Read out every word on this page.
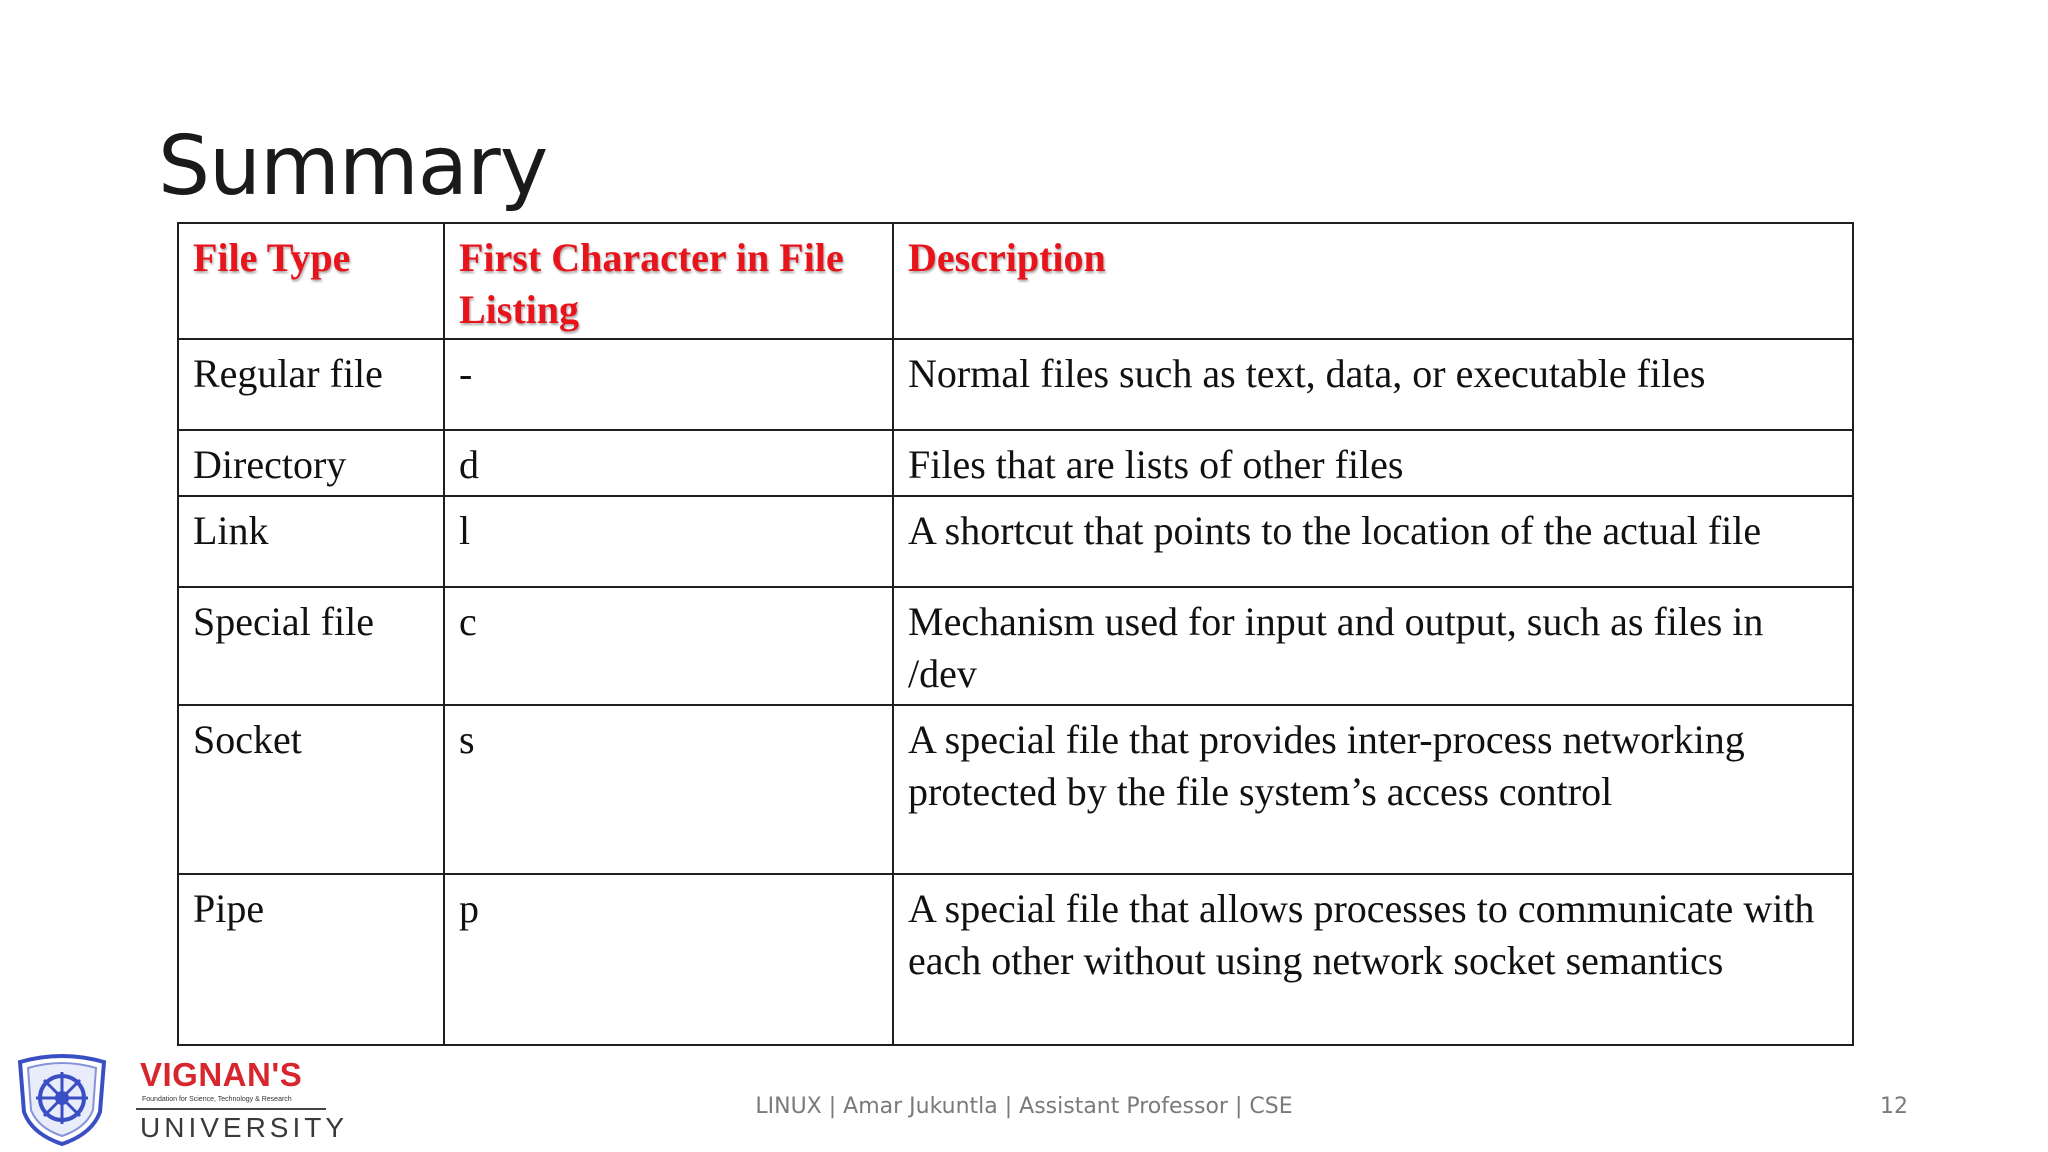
Summary
File Type	First Character in File Listing	Description
Regular file	-	Normal files such as text, data, or executable files
Directory	d	Files that are lists of other files
Link	l	A shortcut that points to the location of the actual file
Special file	c	Mechanism used for input and output, such as files in /dev
Socket	s	A special file that provides inter-process networking protected by the file system’s access control
Pipe	p	A special file that allows processes to communicate with each other without using network socket semantics
VIGNAN'S
Foundation for Science, Technology & Research
UNIVERSITY
LINUX | Amar Jukuntla | Assistant Professor | CSE	12
